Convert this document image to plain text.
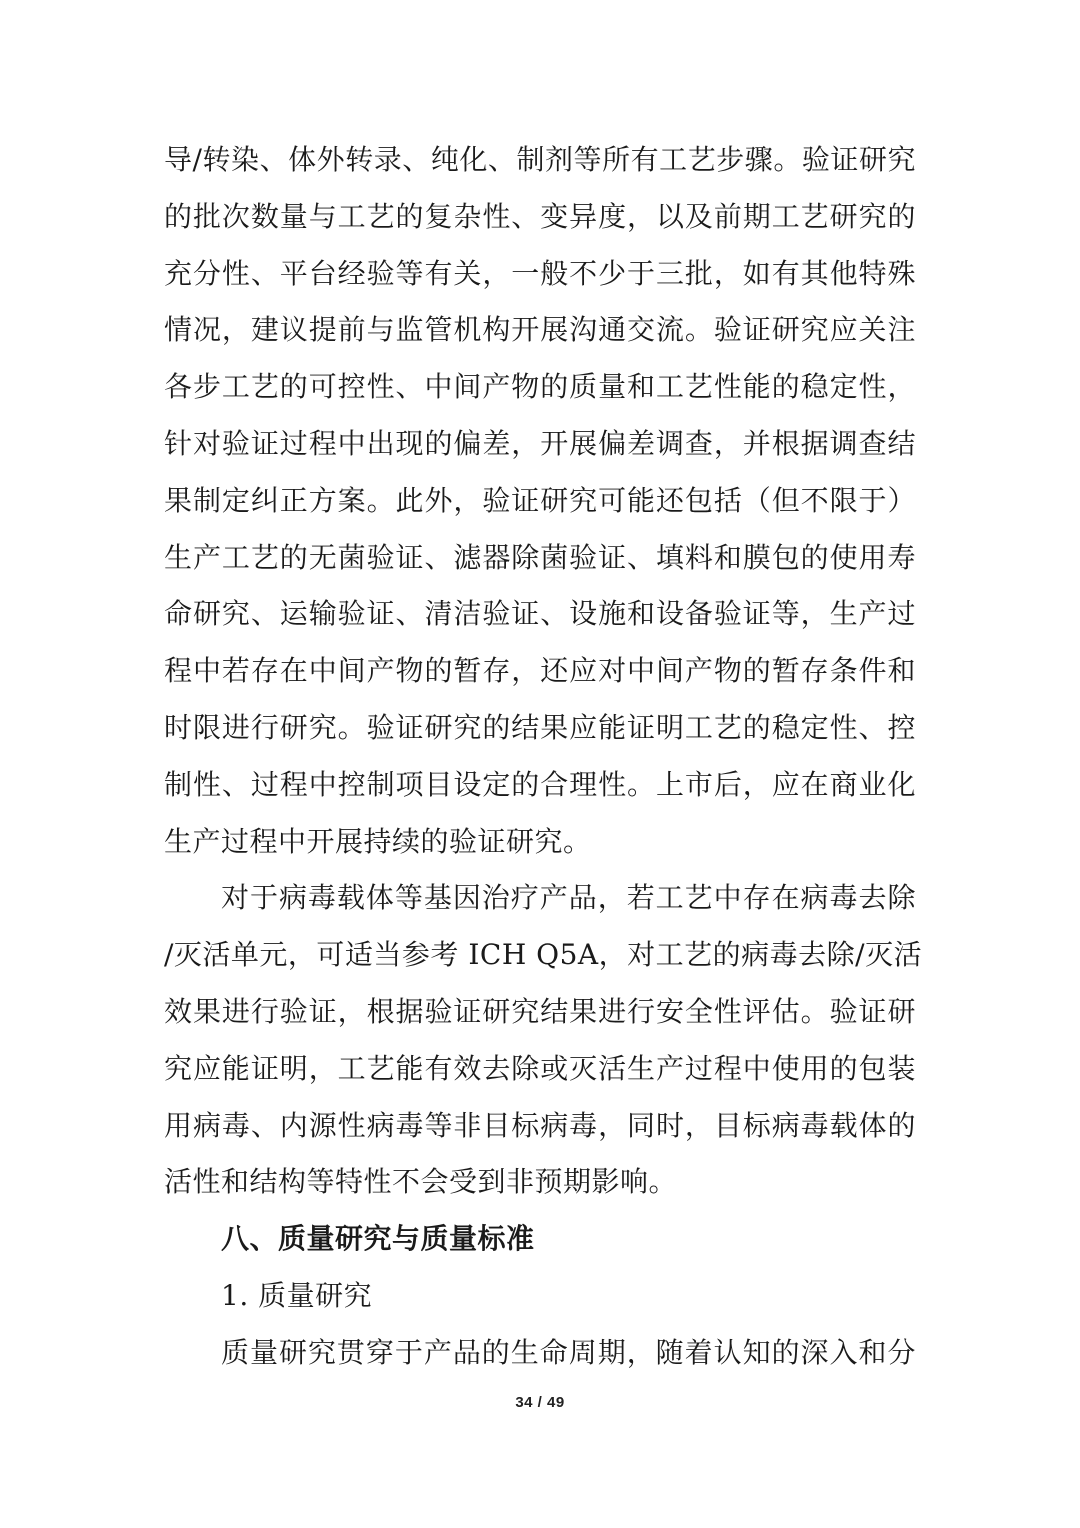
导/转染、体外转录、纯化、制剂等所有工艺步骤。验证研究
的批次数量与工艺的复杂性、变异度，以及前期工艺研究的
充分性、平台经验等有关，一般不少于三批，如有其他特殊
情况，建议提前与监管机构开展沟通交流。验证研究应关注
各步工艺的可控性、中间产物的质量和工艺性能的稳定性，
针对验证过程中出现的偏差，开展偏差调查，并根据调查结
果制定纠正方案。此外，验证研究可能还包括（但不限于）
生产工艺的无菌验证、滤器除菌验证、填料和膜包的使用寿
命研究、运输验证、清洁验证、设施和设备验证等，生产过
程中若存在中间产物的暂存，还应对中间产物的暂存条件和
时限进行研究。验证研究的结果应能证明工艺的稳定性、控
制性、过程中控制项目设定的合理性。上市后，应在商业化
生产过程中开展持续的验证研究。
对于病毒载体等基因治疗产品，若工艺中存在病毒去除
/灭活单元，可适当参考 ICH Q5A，对工艺的病毒去除/灭活
效果进行验证，根据验证研究结果进行安全性评估。验证研
究应能证明，工艺能有效去除或灭活生产过程中使用的包装
用病毒、内源性病毒等非目标病毒，同时，目标病毒载体的
活性和结构等特性不会受到非预期影响。
八、质量研究与质量标准
1. 质量研究
质量研究贯穿于产品的生命周期，随着认知的深入和分
34 / 49
